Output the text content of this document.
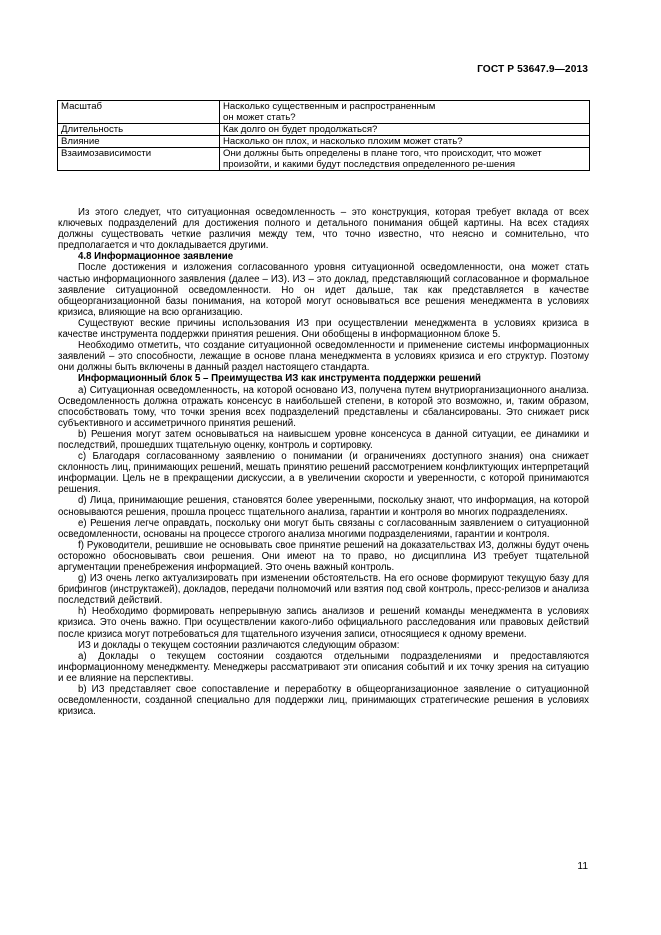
ГОСТ Р 53647.9—2013
Масштаб	Насколько существенным и распространенным
он может стать?
Длительность	Как долго он будет продолжаться?
Влияние	Насколько он плох, и насколько плохим может стать?
Взаимозависимости	Они должны быть определены в плане того, что происходит, что может произойти, и какими будут последствия определенного ре-шения

Из этого следует, что ситуационная осведомленность – это конструкция, которая требует вклада от всех ключевых подразделений для достижения полного и детального понимания общей картины. На всех стадиях должны существовать четкие различия между тем, что точно известно, что неясно и сомнительно, что предполагается и что докладывается другими.

4.8 Информационное заявление

После достижения и изложения согласованного уровня ситуационной осведомленности, она может стать частью информационного заявления (далее – ИЗ). ИЗ – это доклад, представляющий согласованное и формальное заявление ситуационной осведомленности. Но он идет дальше, так как представляется в качестве общеорганизационной базы понимания, на которой могут основываться все решения менеджмента в условиях кризиса, влияющие на всю организацию.

Существуют веские причины использования ИЗ при осуществлении менеджмента в условиях кризиса в качестве инструмента поддержки принятия решения. Они обобщены в информационном блоке 5.

Необходимо отметить, что создание ситуационной осведомленности и применение системы информационных заявлений – это способности, лежащие в основе плана менеджмента в условиях кризиса и его структур. Поэтому они должны быть включены в данный раздел настоящего стандарта.

Информационный блок 5 – Преимущества ИЗ как инструмента поддержки решений

a) Ситуационная осведомленность, на которой основано ИЗ, получена путем внутриорганизационного анализа. Осведомленность должна отражать консенсус в наибольшей степени, в которой это возможно, и, таким образом, способствовать тому, что точки зрения всех подразделений представлены и сбалансированы. Это снижает риск субъективного и ассиметричного принятия решений.

b) Решения могут затем основываться на наивысшем уровне консенсуса в данной ситуации, ее динамики и последствий, прошедших тщательную оценку, контроль и сортировку.

c) Благодаря согласованному заявлению о понимании (и ограничениях доступного знания) она снижает склонность лиц, принимающих решений, мешать принятию решений рассмотрением конфликтующих интерпретаций информации. Цель не в прекращении дискуссии, а в увеличении скорости и уверенности, с которой принимаются решения.

d) Лица, принимающие решения, становятся более уверенными, поскольку знают, что информация, на которой основываются решения, прошла процесс тщательного анализа, гарантии и контроля во многих подразделениях.

e) Решения легче оправдать, поскольку они могут быть связаны с согласованным заявлением о ситуационной осведомленности, основаны на процессе строгого анализа многими подразделениями, гарантии и контроля.

f) Руководители, решившие не основывать свое принятие решений на доказательствах ИЗ, должны будут очень осторожно обосновывать свои решения. Они имеют на то право, но дисциплина ИЗ требует тщательной аргументации пренебрежения информацией. Это очень важный контроль.

g) ИЗ очень легко актуализировать при изменении обстоятельств. На его основе формируют текущую базу для брифингов (инструктажей), докладов, передачи полномочий или взятия под свой контроль, пресс-релизов и анализа последствий действий.

h) Необходимо формировать непрерывную запись анализов и решений команды менеджмента в условиях кризиса. Это очень важно. При осуществлении какого-либо официального расследования или правовых действий после кризиса могут потребоваться для тщательного изучения записи, относящиеся к одному времени.

ИЗ и доклады о текущем состоянии различаются следующим образом:

а) Доклады о текущем состоянии создаются отдельными подразделениями и предоставляются информационному менеджменту. Менеджеры рассматривают эти описания событий и их точку зрения на ситуацию и ее влияние на перспективы.

b) ИЗ представляет свое сопоставление и переработку в общеорганизационное заявление о ситуационной осведомленности, созданной специально для поддержки лиц, принимающих стратегические решения в условиях кризиса.

11
